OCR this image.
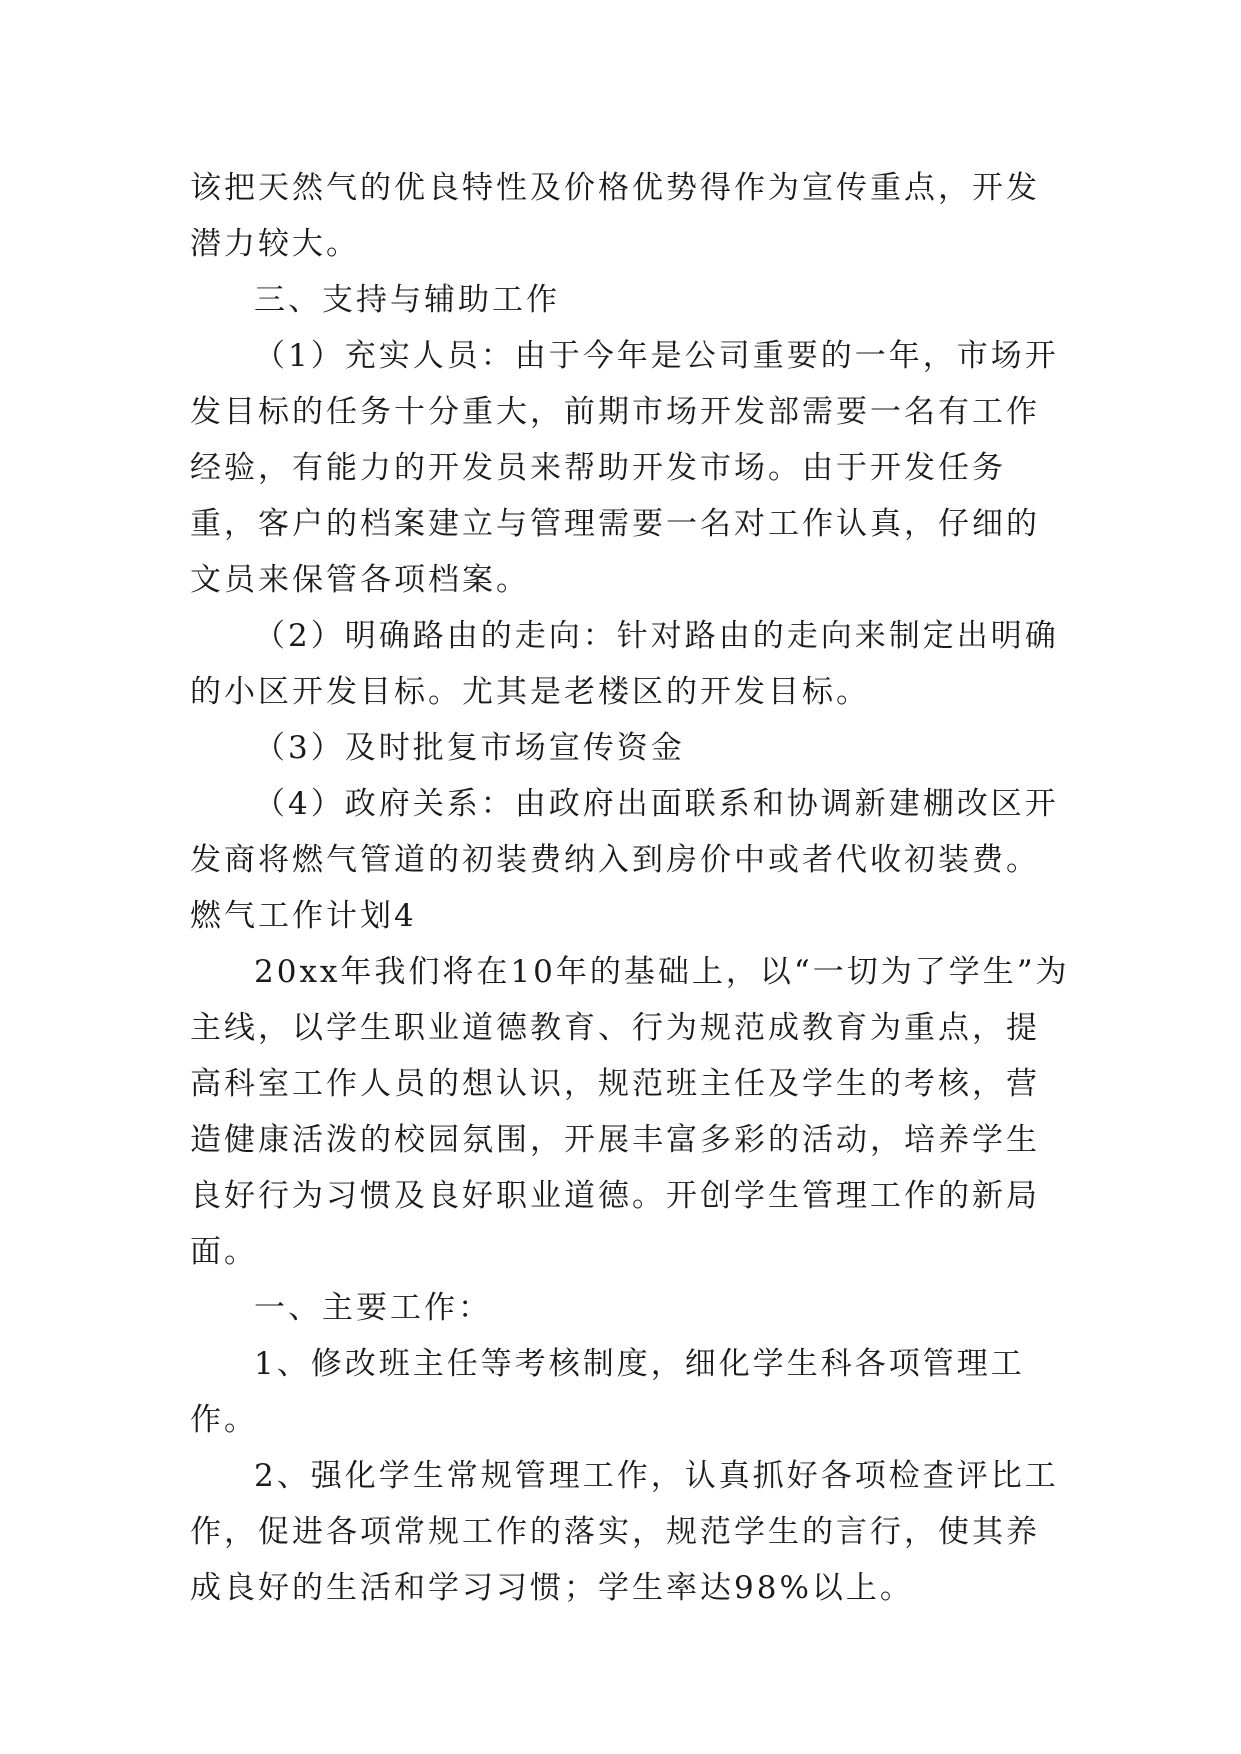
该把天然气的优良特性及价格优势得作为宣传重点，开发潜力较大。

三、支持与辅助工作

（1）充实人员：由于今年是公司重要的一年，市场开发目标的任务十分重大，前期市场开发部需要一名有工作经验，有能力的开发员来帮助开发市场。由于开发任务重，客户的档案建立与管理需要一名对工作认真，仔细的文员来保管各项档案。

（2）明确路由的走向：针对路由的走向来制定出明确的小区开发目标。尤其是老楼区的开发目标。

（3）及时批复市场宣传资金

（4）政府关系：由政府出面联系和协调新建棚改区开发商将燃气管道的初装费纳入到房价中或者代收初装费。

燃气工作计划4

20xx年我们将在10年的基础上，以“一切为了学生”为主线，以学生职业道德教育、行为规范成教育为重点，提高科室工作人员的想认识，规范班主任及学生的考核，营造健康活泼的校园氛围，开展丰富多彩的活动，培养学生良好行为习惯及良好职业道德。开创学生管理工作的新局面。

一、主要工作：

1、修改班主任等考核制度，细化学生科各项管理工作。

2、强化学生常规管理工作，认真抓好各项检查评比工作，促进各项常规工作的落实，规范学生的言行，使其养成良好的生活和学习习惯；学生率达98%以上。
